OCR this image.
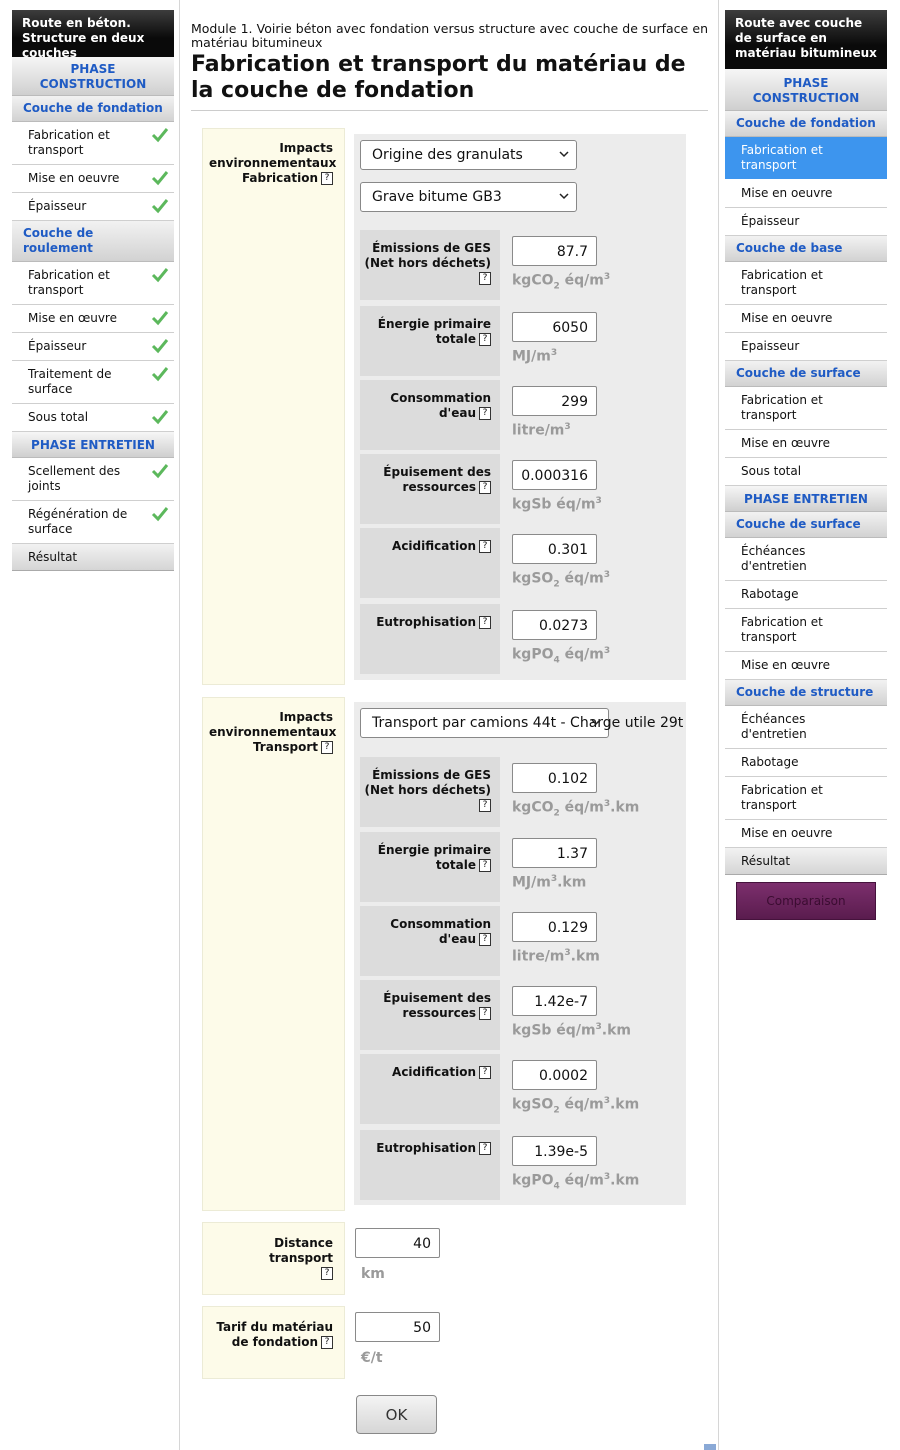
Route en béton. Structure en deux couches
PHASE CONSTRUCTION
Couche de fondation
Fabrication et transport
Mise en oeuvre
Épaisseur
Couche de roulement
Fabrication et transport
Mise en œuvre
Épaisseur
Traitement de surface
Sous total
PHASE ENTRETIEN
Scellement des joints
Régénération de surface
Résultat
Route avec couche de surface en matériau bitumineux
PHASE CONSTRUCTION
Couche de fondation
Fabrication et transport
Mise en oeuvre
Épaisseur
Couche de base
Fabrication et transport
Mise en oeuvre
Epaisseur
Couche de surface
Fabrication et transport
Mise en œuvre
Sous total
PHASE ENTRETIEN
Couche de surface
Échéances d'entretien
Rabotage
Fabrication et transport
Mise en œuvre
Couche de structure
Échéances d'entretien
Rabotage
Fabrication et transport
Mise en oeuvre
Résultat
Comparaison
Module 1. Voirie béton avec fondation versus structure avec couche de surface en matériau bitumineux
Fabrication et transport du matériau de la couche de fondation
Impacts environnementaux Fabrication ?
Origine des granulats
Grave bitume GB3
Émissions de GES (Net hors déchets)?
87.7
kgCO$_2$ $éq/m^3$
Énergie primaire totale ?
6050
$MJ/m^3$
Consommation d'eau ?
299
litre/$m^3$
Épuisement des ressources ?
0.000316
kgSb $éq/m^3$
Acidification ?	0.301
kgSO$_2$ $éq/m^3$
Eutrophisation ?	0.0273
kgPO$_4$ $éq/m^3$
Impacts environnementaux Transport ?
Transport par camions 44t - Charge utile 29t
Émissions de GES (Net hors déchets)?
0.102
kgCO$_2$ $éq/m^3.km$
Énergie primaire totale ?
1.37
$MJ/m^3.km$
Consommation d'eau ?
0.129
litre/$m^3.km$
Épuisement des ressources ?
1.42e-7
kgSb $éq/m^3.km$
Acidification ?	0.0002
kgSO$_2$ $éq/m^3.km$
Eutrophisation ?	1.39e-5
kgPO$_4$ $éq/m^3.km$
Distance transport
?
40
km
Tarif du matériau de fondation ?
50
€/t
OK
